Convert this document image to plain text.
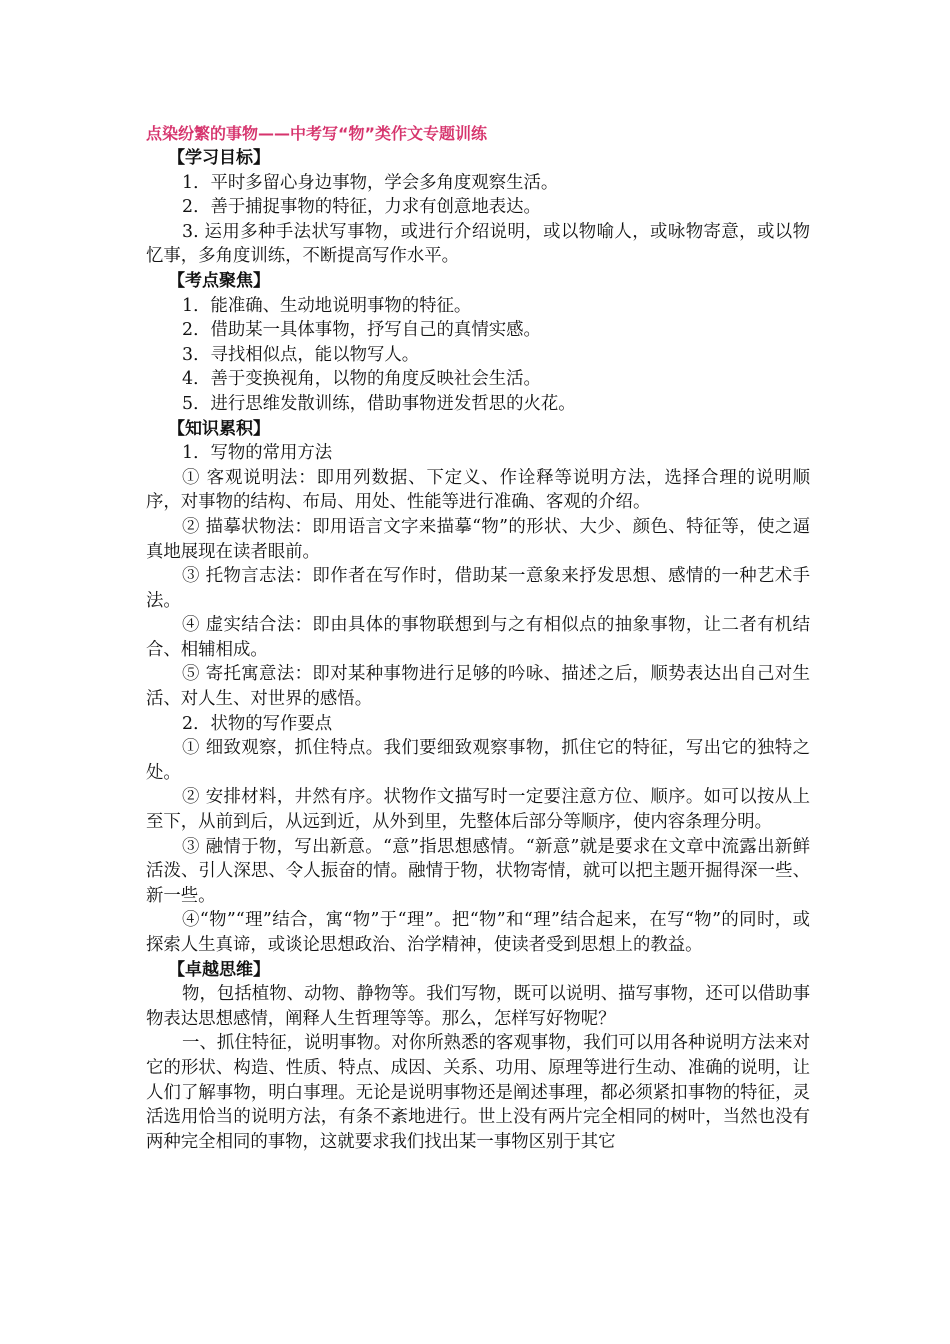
点染纷繁的事物——中考写“物”类作文专题训练

【学习目标】

1．平时多留心身边事物，学会多角度观察生活。

2．善于捕捉事物的特征，力求有创意地表达。

3. 运用多种手法状写事物，或进行介绍说明，或以物喻人，或咏物寄意，或以物忆事，多角度训练，不断提高写作水平。

【考点聚焦】

1．能准确、生动地说明事物的特征。

2．借助某一具体事物，抒写自己的真情实感。

3．寻找相似点，能以物写人。

4．善于变换视角，以物的角度反映社会生活。

5．进行思维发散训练，借助事物迸发哲思的火花。

【知识累积】

1．写物的常用方法

① 客观说明法：即用列数据、下定义、作诠释等说明方法，选择合理的说明顺序，对事物的结构、布局、用处、性能等进行准确、客观的介绍。

② 描摹状物法：即用语言文字来描摹“物”的形状、大少、颜色、特征等，使之逼真地展现在读者眼前。

③ 托物言志法：即作者在写作时，借助某一意象来抒发思想、感情的一种艺术手法。

④ 虚实结合法：即由具体的事物联想到与之有相似点的抽象事物，让二者有机结合、相辅相成。

⑤ 寄托寓意法：即对某种事物进行足够的吟咏、描述之后，顺势表达出自己对生活、对人生、对世界的感悟。

2．状物的写作要点

① 细致观察，抓住特点。我们要细致观察事物，抓住它的特征，写出它的独特之处。

② 安排材料，井然有序。状物作文描写时一定要注意方位、顺序。如可以按从上至下，从前到后，从远到近，从外到里，先整体后部分等顺序，使内容条理分明。

③ 融情于物，写出新意。“意”指思想感情。“新意”就是要求在文章中流露出新鲜活泼、引人深思、令人振奋的情。融情于物，状物寄情，就可以把主题开掘得深一些、新一些。

④“物”“理”结合，寓“物”于“理”。把“物”和“理”结合起来，在写“物”的同时，或探索人生真谛，或谈论思想政治、治学精神，使读者受到思想上的教益。

【卓越思维】

物，包括植物、动物、静物等。我们写物，既可以说明、描写事物，还可以借助事物表达思想感情，阐释人生哲理等等。那么，怎样写好物呢？

一、抓住特征，说明事物。对你所熟悉的客观事物，我们可以用各种说明方法来对它的形状、构造、性质、特点、成因、关系、功用、原理等进行生动、准确的说明，让人们了解事物，明白事理。无论是说明事物还是阐述事理，都必须紧扣事物的特征，灵活选用恰当的说明方法，有条不紊地进行。世上没有两片完全相同的树叶，当然也没有两种完全相同的事物，这就要求我们找出某一事物区别于其它
